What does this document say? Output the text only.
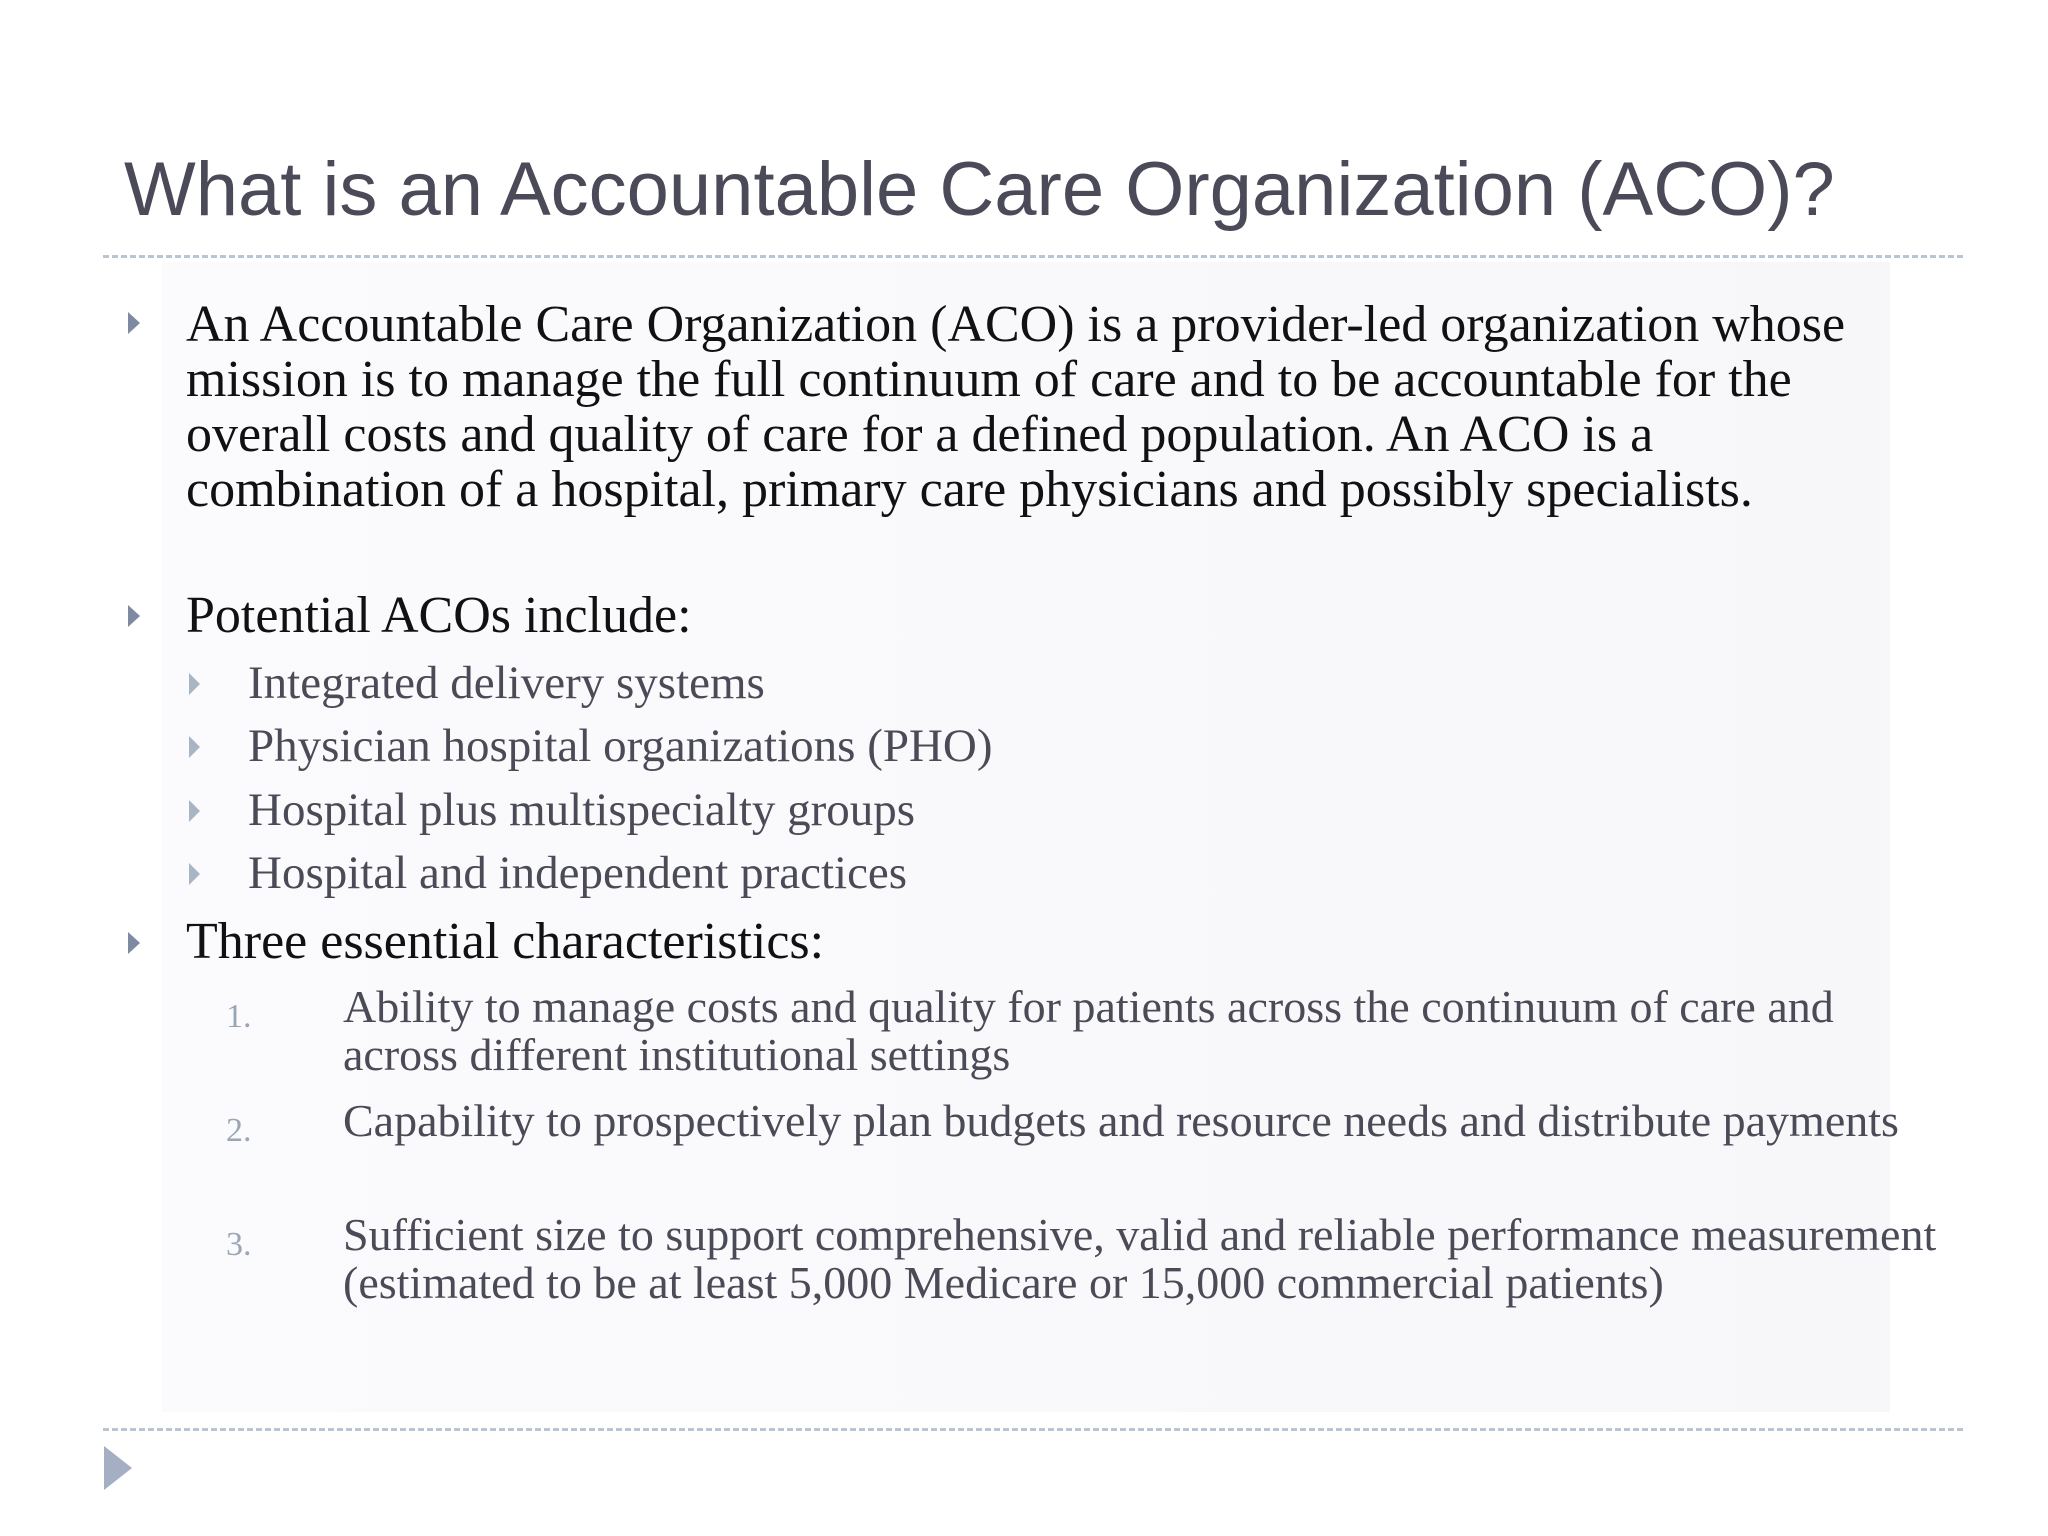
What is an Accountable Care Organization (ACO)?
An Accountable Care Organization (ACO) is a provider-led organization whose mission is to manage the full continuum of care and to be accountable for the overall costs and quality of care for a defined population. An ACO is a combination of a hospital, primary care physicians and possibly specialists.
Potential ACOs include:
Integrated delivery systems
Physician hospital organizations (PHO)
Hospital plus multispecialty groups
Hospital and independent practices
Three essential characteristics:
1. Ability to manage costs and quality for patients across the continuum of care and across different institutional settings
2. Capability to prospectively plan budgets and resource needs and distribute payments
3. Sufficient size to support comprehensive, valid and reliable performance measurement (estimated to be at least 5,000 Medicare or 15,000 commercial patients)
